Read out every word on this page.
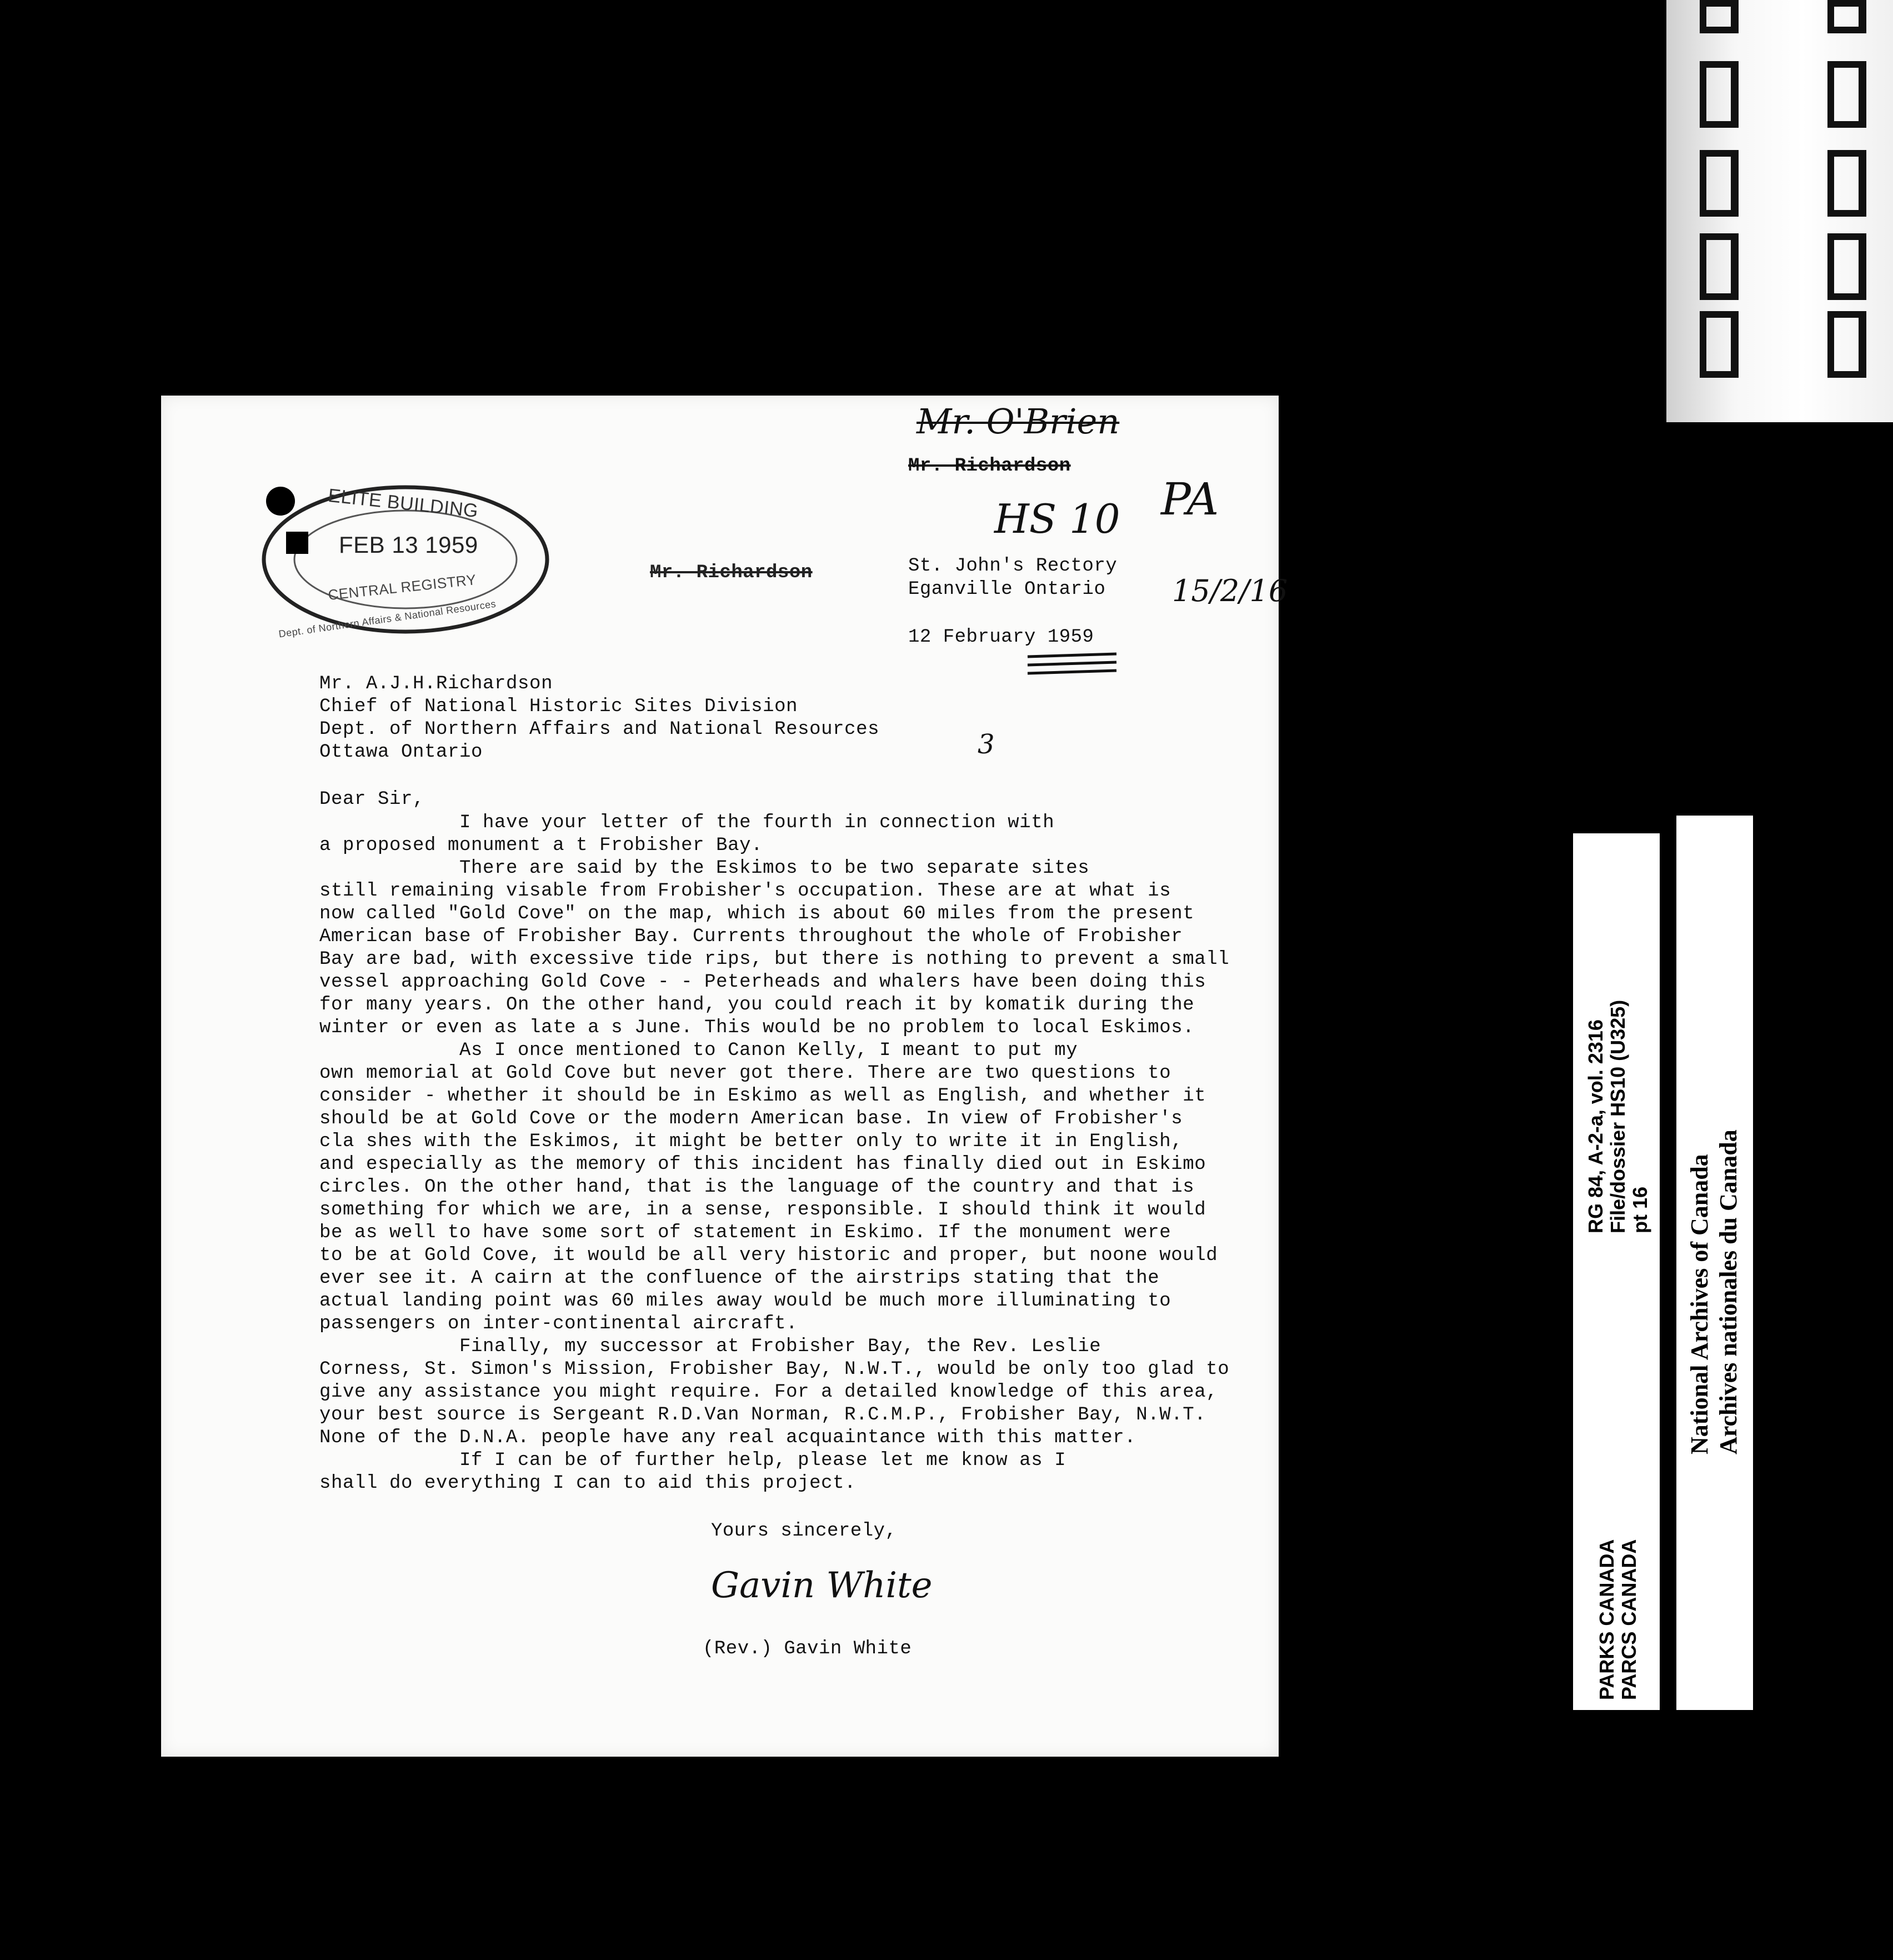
RG 84, A-2-a, vol. 2316 File/dossier HS10 (U325) pt 16
PARKS CANADA PARCS CANADA
National Archives of Canada Archives nationales du Canada
ELITE BUILDING
FEB 13 1959
CENTRAL REGISTRY
Dept. of Northern Affairs & National Resources
Mr. O'Brien
Mr. Richardson
Mr. Richardson
HS 10 PA
15/2/16
3
St. John's Rectory
Eganville Ontario
12 February 1959
Mr. A.J.H.Richardson
Chief of National Historic Sites Division
Dept. of Northern Affairs and National Resources
Ottawa Ontario
Dear Sir,
I have your letter of the fourth in connection with
a proposed monument a t Frobisher Bay.
There are said by the Eskimos to be two separate sites
still remaining visable from Frobisher's occupation. These are at what is
now called "Gold Cove" on the map, which is about 60 miles from the present
American base of Frobisher Bay. Currents throughout the whole of Frobisher
Bay are bad, with excessive tide rips, but there is nothing to prevent a small
vessel approaching Gold Cove - - Peterheads and whalers have been doing this
for many years. On the other hand, you could reach it by komatik during the
winter or even as late a s June. This would be no problem to local Eskimos.
As I once mentioned to Canon Kelly, I meant to put my
own memorial at Gold Cove but never got there. There are two questions to
consider - whether it should be in Eskimo as well as English, and whether it
should be at Gold Cove or the modern American base. In view of Frobisher's
cla shes with the Eskimos, it might be better only to write it in English,
and especially as the memory of this incident has finally died out in Eskimo
circles. On the other hand, that is the language of the country and that is
something for which we are, in a sense, responsible. I should think it would
be as well to have some sort of statement in Eskimo. If the monument were
to be at Gold Cove, it would be all very historic and proper, but noone would
ever see it. A cairn at the confluence of the airstrips stating that the
actual landing point was 60 miles away would be much more illuminating to
passengers on inter-continental aircraft.
Finally, my successor at Frobisher Bay, the Rev. Leslie
Corness, St. Simon's Mission, Frobisher Bay, N.W.T., would be only too glad to
give any assistance you might require. For a detailed knowledge of this area,
your best source is Sergeant R.D.Van Norman, R.C.M.P., Frobisher Bay, N.W.T.
None of the D.N.A. people have any real acquaintance with this matter.
If I can be of further help, please let me know as I
shall do everything I can to aid this project.
Yours sincerely,
Gavin White
(Rev.) Gavin White
